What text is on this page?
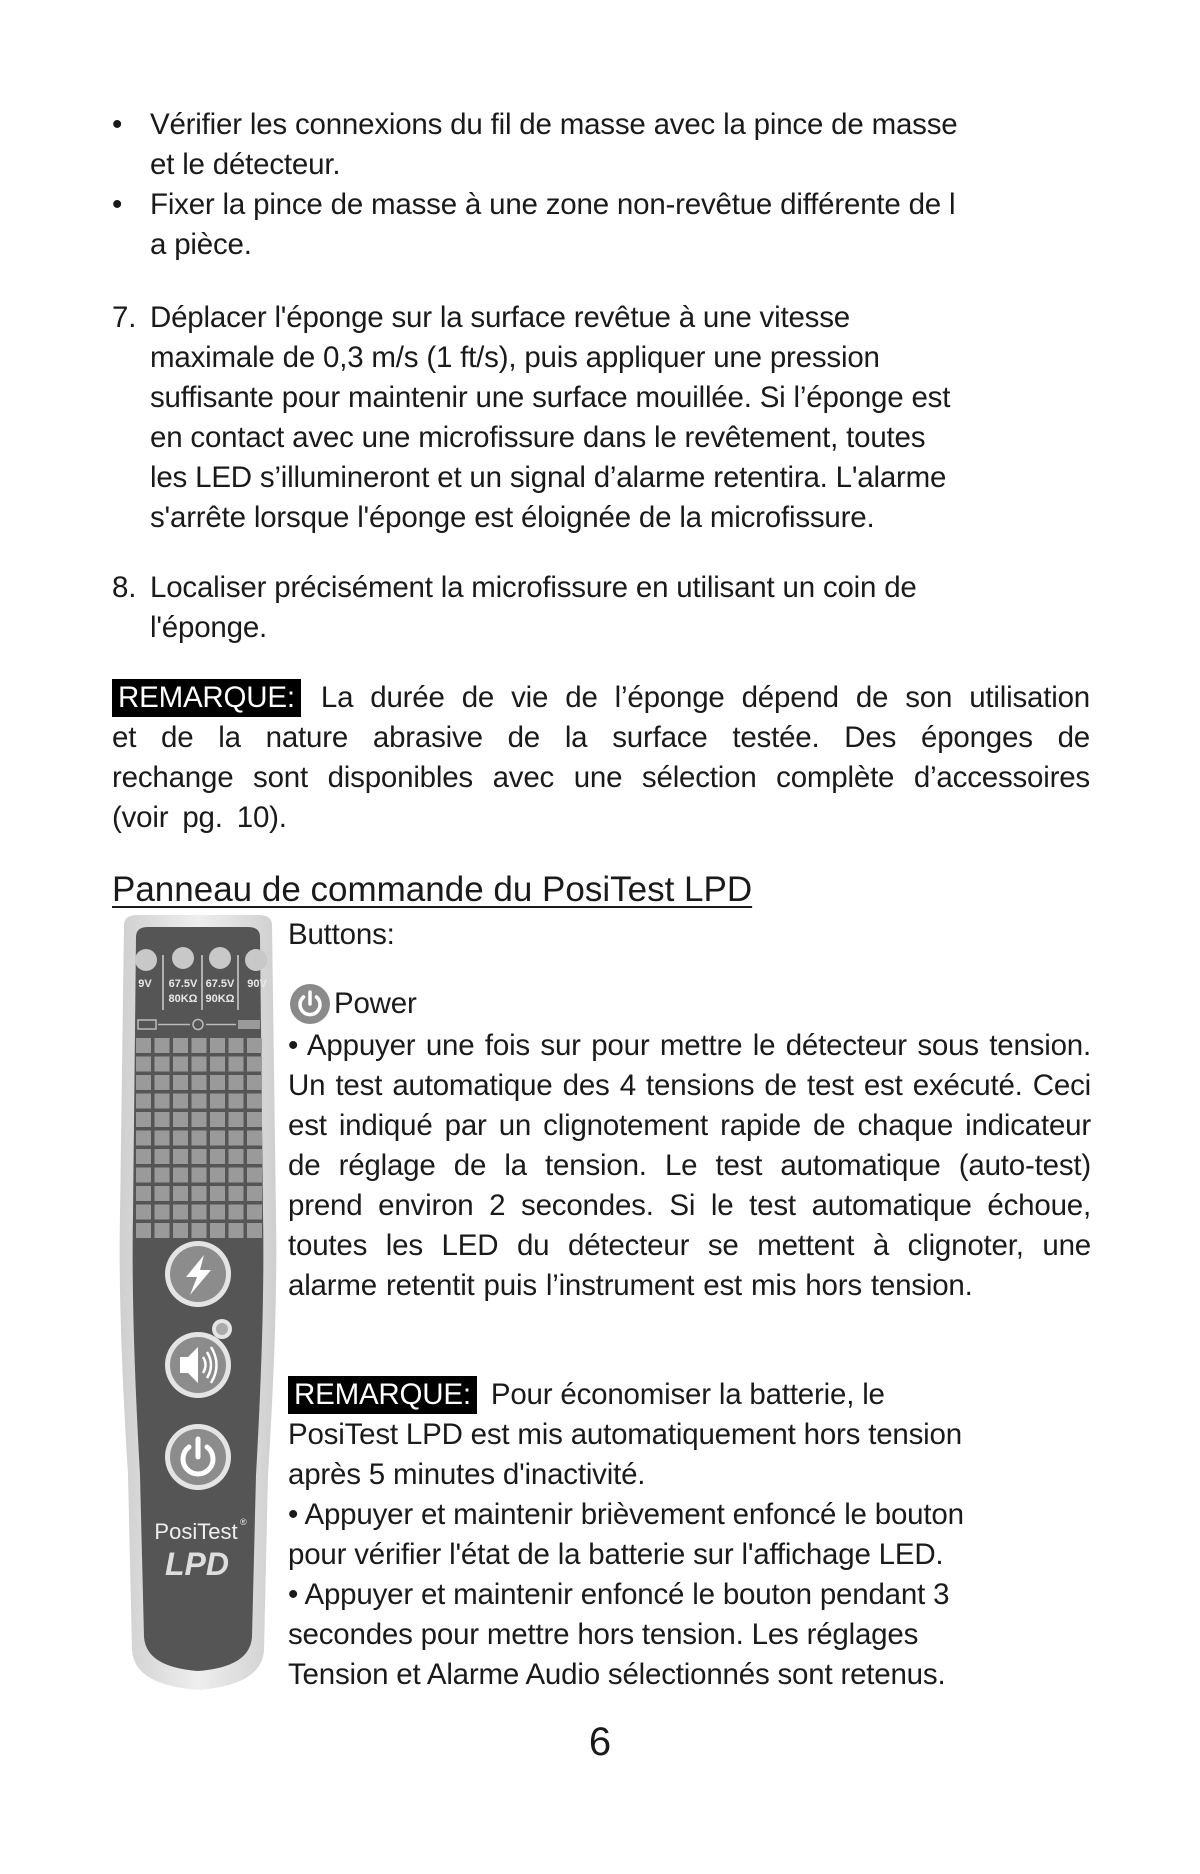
• Vérifier les connexions du fil de masse avec la pince de masse
et le détecteur.
• Fixer la pince de masse à une zone non-revêtue différente de l
a pièce.
7. Déplacer l'éponge sur la surface revêtue à une vitesse
maximale de 0,3 m/s (1 ft/s), puis appliquer une pression
suffisante pour maintenir une surface mouillée. Si l’éponge est
en contact avec une microfissure dans le revêtement, toutes
les LED s’illumineront et un signal d’alarme retentira. L'alarme
s'arrête lorsque l'éponge est éloignée de la microfissure.
8. Localiser précisément la microfissure en utilisant un coin de
l'éponge.
REMARQUE: La durée de vie de l’éponge dépend de son utilisation et de la nature abrasive de la surface testée. Des éponges de rechange sont disponibles avec une sélection complète d’accessoires (voir pg. 10).
Panneau de commande du PosiTest LPD
9V 67.5V
80KΩ
67.5V
90KΩ
90V
PosiTest ®
LPD
Buttons:
Power
• Appuyer une fois sur pour mettre le détecteur sous tension. Un test automatique des 4 tensions de test est exécuté. Ceci est indiqué par un clignotement rapide de chaque indicateur de réglage de la tension. Le test automatique (auto-test) prend environ 2 secondes. Si le test automatique échoue, toutes les LED du détecteur se mettent à clignoter, une alarme retentit puis l’instrument est mis hors tension.
REMARQUE: Pour économiser la batterie, le
PosiTest LPD est mis automatiquement hors tension
après 5 minutes d'inactivité.
• Appuyer et maintenir brièvement enfoncé le bouton
pour vérifier l'état de la batterie sur l'affichage LED.
• Appuyer et maintenir enfoncé le bouton pendant 3
secondes pour mettre hors tension. Les réglages
Tension et Alarme Audio sélectionnés sont retenus.
6
